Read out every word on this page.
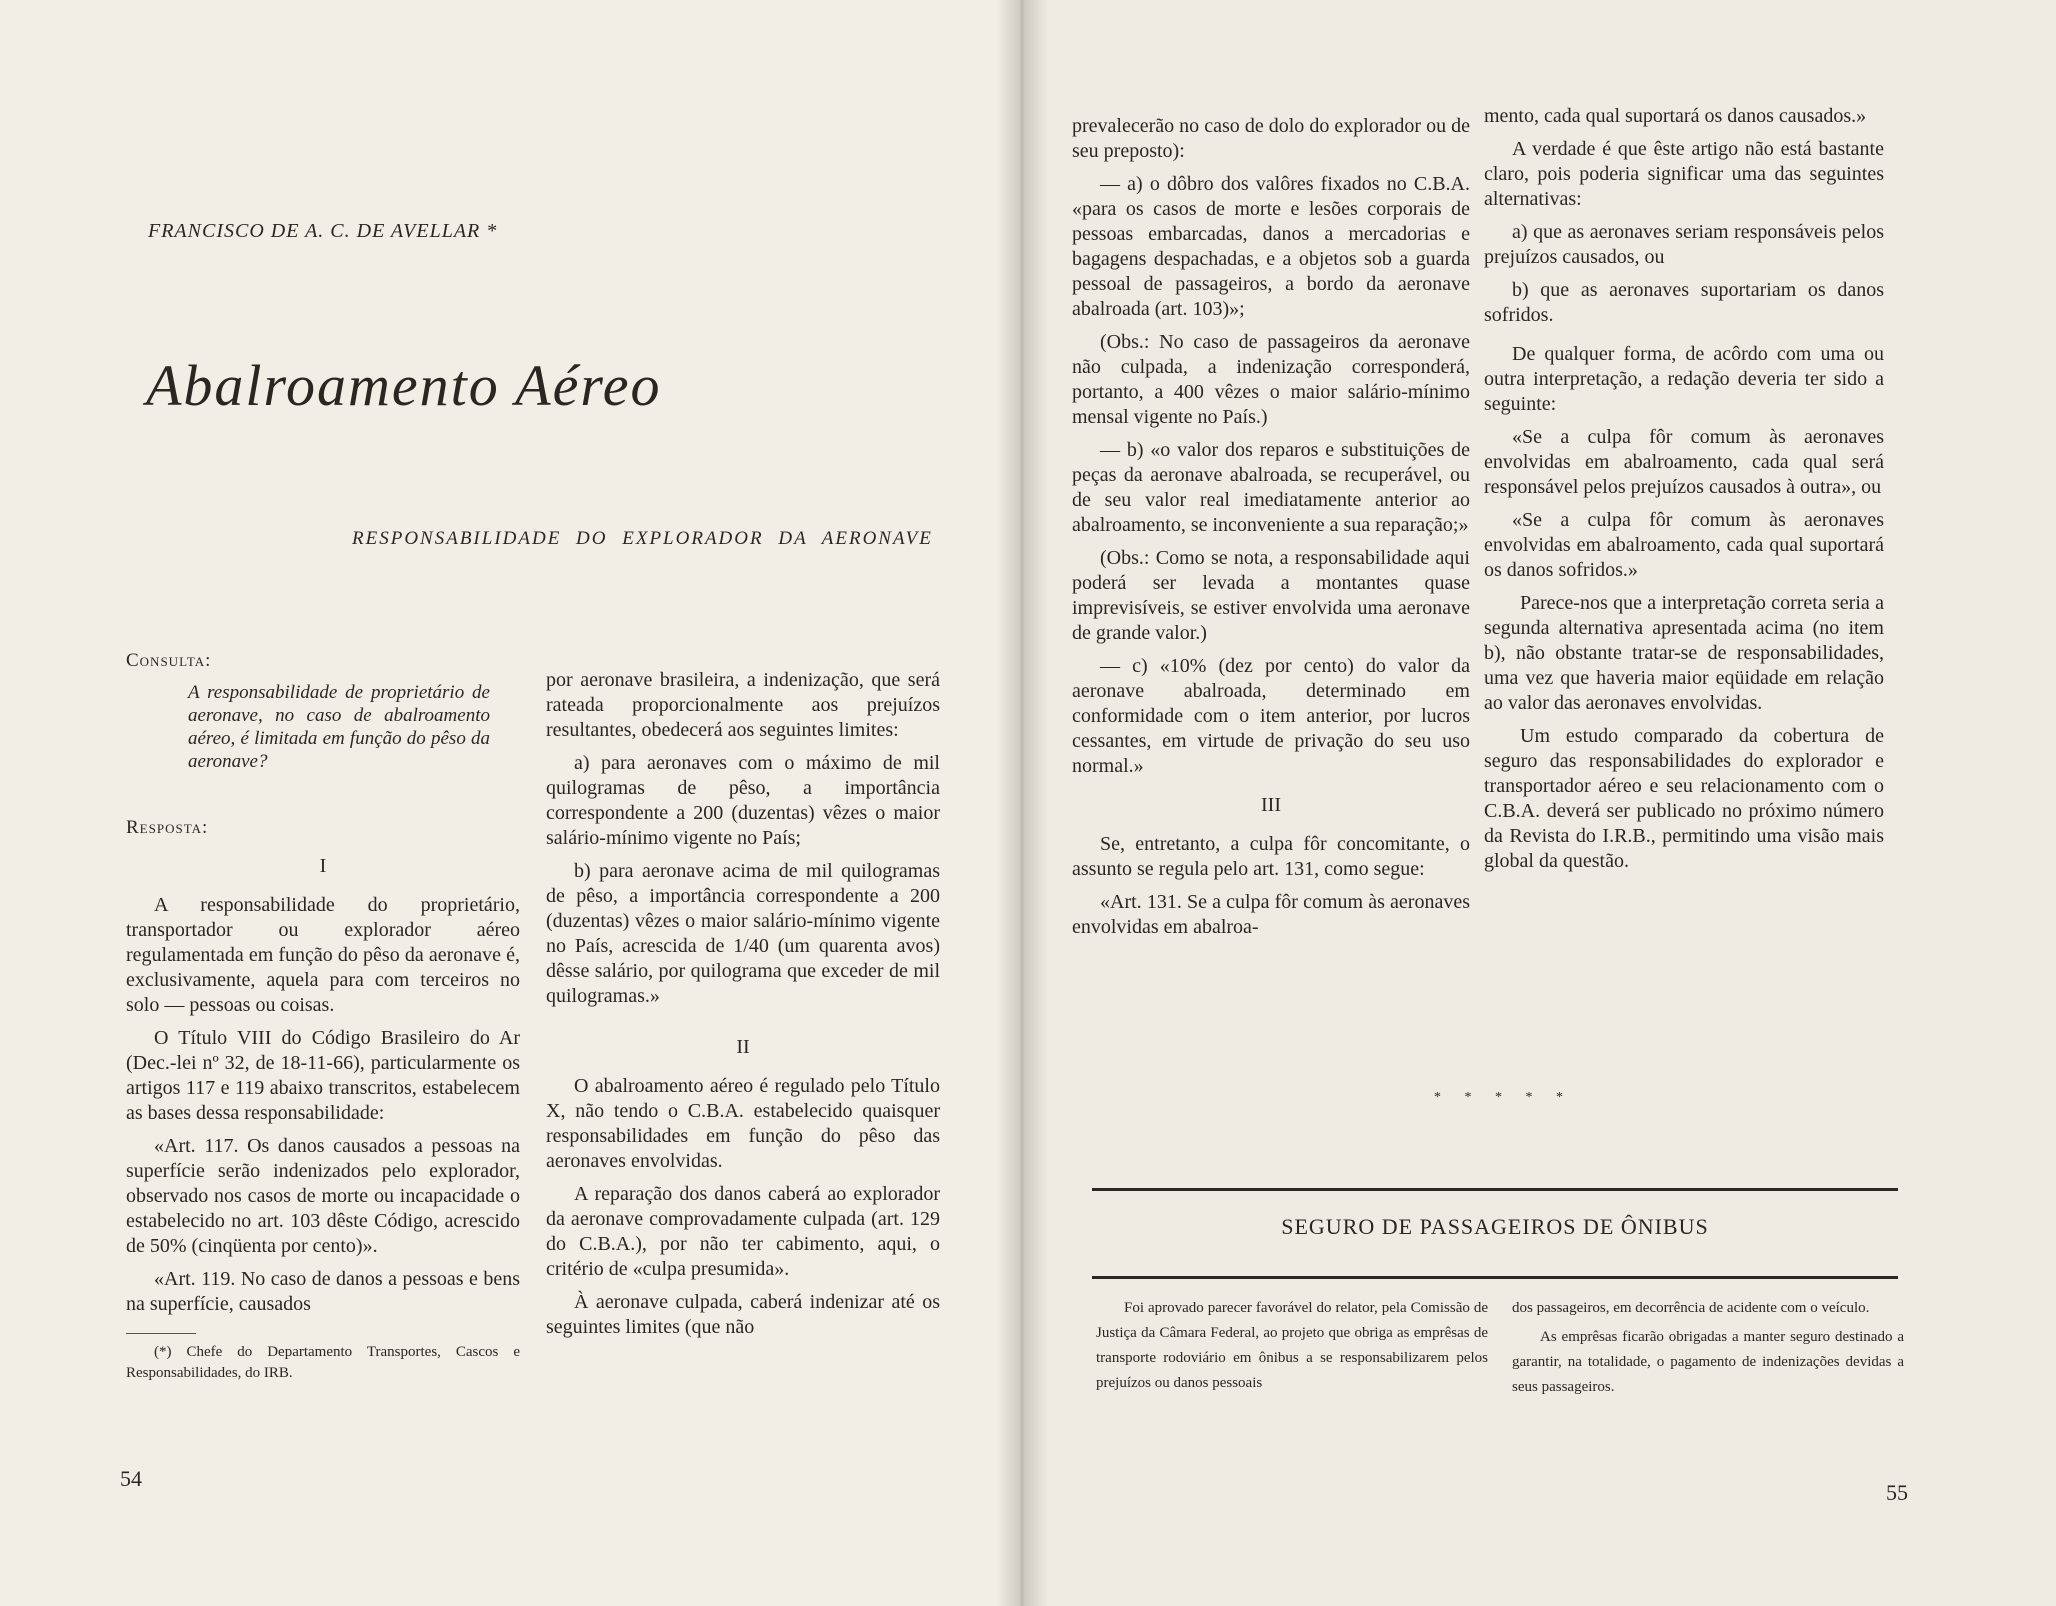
FRANCISCO DE A. C. DE AVELLAR *
Abalroamento Aéreo
RESPONSABILIDADE DO EXPLORADOR DA AERONAVE

Consulta:

A responsabilidade de proprietário de aeronave, no caso de abalroamento aéreo, é limitada em função do pêso da aeronave?

Resposta:

I

A responsabilidade do proprietário, transportador ou explorador aéreo regulamentada em função do pêso da aeronave é, exclusivamente, aquela para com terceiros no solo — pessoas ou coisas.

O Título VIII do Código Brasileiro do Ar (Dec.-lei nº 32, de 18-11-66), particularmente os artigos 117 e 119 abaixo transcritos, estabelecem as bases dessa responsabilidade:

«Art. 117. Os danos causados a pessoas na superfície serão indenizados pelo explorador, observado nos casos de morte ou incapacidade o estabelecido no art. 103 dêste Código, acrescido de 50% (cinqüenta por cento)».

«Art. 119. No caso de danos a pessoas e bens na superfície, causados

(*) Chefe do Departamento Transportes, Cascos e Responsabilidades, do IRB.

por aeronave brasileira, a indenização, que será rateada proporcionalmente aos prejuízos resultantes, obedecerá aos seguintes limites:

a) para aeronaves com o máximo de mil quilogramas de pêso, a importância correspondente a 200 (duzentas) vêzes o maior salário-mínimo vigente no País;

b) para aeronave acima de mil quilogramas de pêso, a importância correspondente a 200 (duzentas) vêzes o maior salário-mínimo vigente no País, acrescida de 1/40 (um quarenta avos) dêsse salário, por quilograma que exceder de mil quilogramas.»

II

O abalroamento aéreo é regulado pelo Título X, não tendo o C.B.A. estabelecido quaisquer responsabilidades em função do pêso das aeronaves envolvidas.

A reparação dos danos caberá ao explorador da aeronave comprovadamente culpada (art. 129 do C.B.A.), por não ter cabimento, aqui, o critério de «culpa presumida».

À aeronave culpada, caberá indenizar até os seguintes limites (que não

54

prevalecerão no caso de dolo do explorador ou de seu preposto):

— a) o dôbro dos valôres fixados no C.B.A. «para os casos de morte e lesões corporais de pessoas embarcadas, danos a mercadorias e bagagens despachadas, e a objetos sob a guarda pessoal de passageiros, a bordo da aeronave abalroada (art. 103)»;

(Obs.: No caso de passageiros da aeronave não culpada, a indenização corresponderá, portanto, a 400 vêzes o maior salário-mínimo mensal vigente no País.)

— b) «o valor dos reparos e substituições de peças da aeronave abalroada, se recuperável, ou de seu valor real imediatamente anterior ao abalroamento, se inconveniente a sua reparação;»

(Obs.: Como se nota, a responsabilidade aqui poderá ser levada a montantes quase imprevisíveis, se estiver envolvida uma aeronave de grande valor.)

— c) «10% (dez por cento) do valor da aeronave abalroada, determinado em conformidade com o item anterior, por lucros cessantes, em virtude de privação do seu uso normal.»

III

Se, entretanto, a culpa fôr concomitante, o assunto se regula pelo art. 131, como segue:

«Art. 131. Se a culpa fôr comum às aeronaves envolvidas em abalroa-

mento, cada qual suportará os danos causados.»

A verdade é que êste artigo não está bastante claro, pois poderia significar uma das seguintes alternativas:

a) que as aeronaves seriam responsáveis pelos prejuízos causados, ou

b) que as aeronaves suportariam os danos sofridos.

De qualquer forma, de acôrdo com uma ou outra interpretação, a redação deveria ter sido a seguinte:

«Se a culpa fôr comum às aeronaves envolvidas em abalroamento, cada qual será responsável pelos prejuízos causados à outra», ou

«Se a culpa fôr comum às aeronaves envolvidas em abalroamento, cada qual suportará os danos sofridos.»

Parece-nos que a interpretação correta seria a segunda alternativa apresentada acima (no item b), não obstante tratar-se de responsabilidades, uma vez que haveria maior eqüidade em relação ao valor das aeronaves envolvidas.

Um estudo comparado da cobertura de seguro das responsabilidades do explorador e transportador aéreo e seu relacionamento com o C.B.A. deverá ser publicado no próximo número da Revista do I.R.B., permitindo uma visão mais global da questão.

* * * * *
SEGURO DE PASSAGEIROS DE ÔNIBUS
Foi aprovado parecer favorável do relator, pela Comissão de Justiça da Câmara Federal, ao projeto que obriga as emprêsas de transporte rodoviário em ônibus a se responsabilizarem pelos prejuízos ou danos pessoais

dos passageiros, em decorrência de acidente com o veículo.

As emprêsas ficarão obrigadas a manter seguro destinado a garantir, na totalidade, o pagamento de indenizações devidas a seus passageiros.

55
